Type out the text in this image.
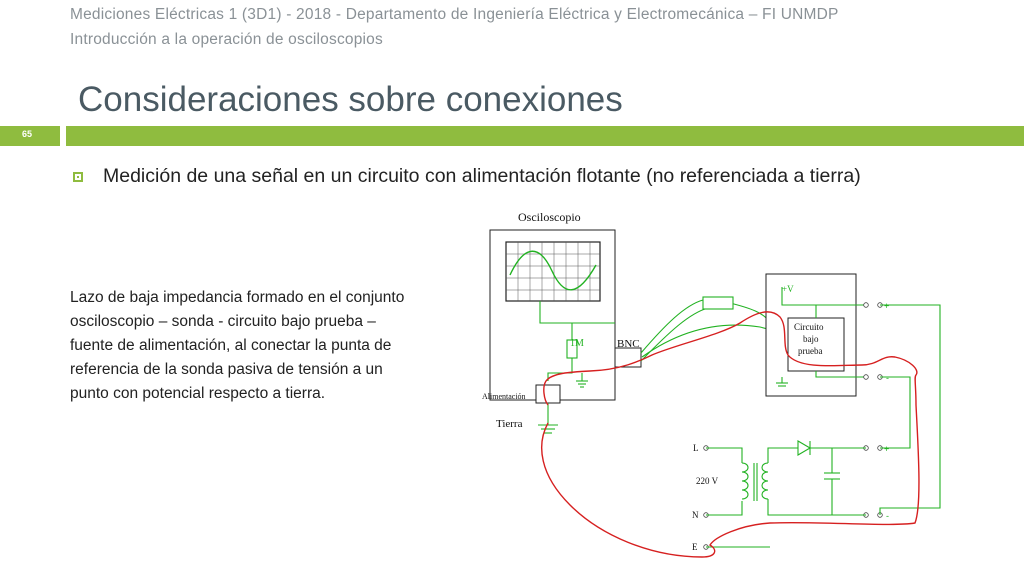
Mediciones Eléctricas 1 (3D1) - 2018 - Departamento de Ingeniería Eléctrica y Electromecánica – FI UNMDP
Introducción a la operación de osciloscopios
Consideraciones sobre conexiones
65
Medición de una señal en un circuito con alimentación flotante (no referenciada a tierra)
Lazo de baja impedancia formado en el conjunto osciloscopio – sonda - circuito bajo prueba – fuente de alimentación, al conectar la punta de referencia de la sonda pasiva de tensión a un punto con potencial respecto a tierra.
Osciloscopio
1M	BNC
Alimentación
Tierra
Circuito
bajo
prueba
+V
+
-
+
-
L
N
E
220 V
